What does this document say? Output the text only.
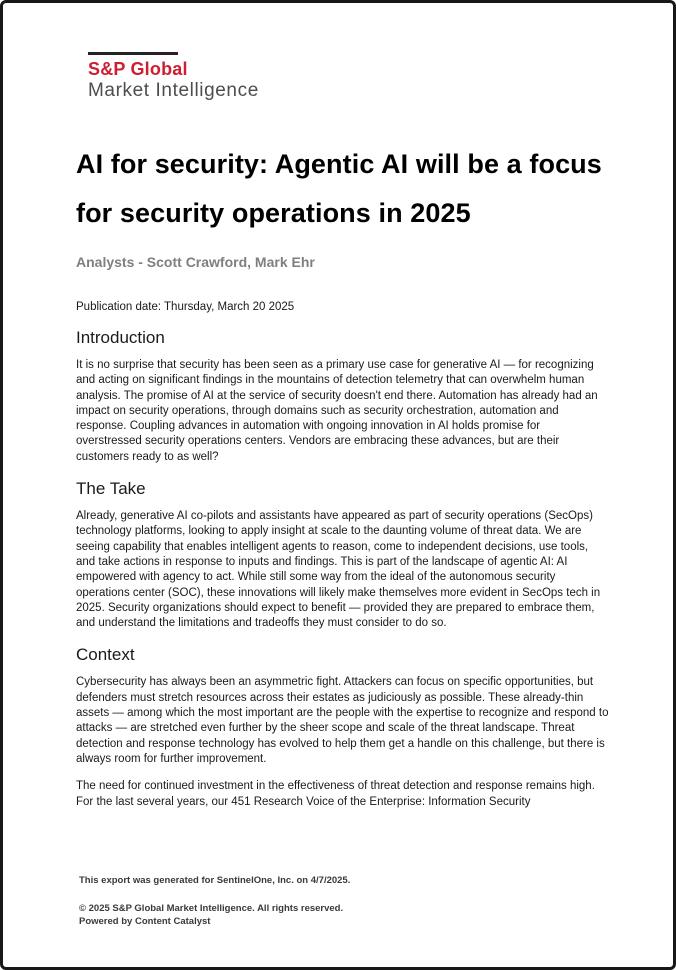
S&P Global
Market Intelligence
AI for security: Agentic AI will be a focus for security operations in 2025

Analysts - Scott Crawford, Mark Ehr

Publication date: Thursday, March 20 2025

Introduction

It is no surprise that security has been seen as a primary use case for generative AI — for recognizing and acting on significant findings in the mountains of detection telemetry that can overwhelm human analysis. The promise of AI at the service of security doesn't end there. Automation has already had an impact on security operations, through domains such as security orchestration, automation and response. Coupling advances in automation with ongoing innovation in AI holds promise for overstressed security operations centers. Vendors are embracing these advances, but are their customers ready to as well?

The Take

Already, generative AI co-pilots and assistants have appeared as part of security operations (SecOps) technology platforms, looking to apply insight at scale to the daunting volume of threat data. We are seeing capability that enables intelligent agents to reason, come to independent decisions, use tools, and take actions in response to inputs and findings. This is part of the landscape of agentic AI: AI empowered with agency to act. While still some way from the ideal of the autonomous security operations center (SOC), these innovations will likely make themselves more evident in SecOps tech in 2025. Security organizations should expect to benefit — provided they are prepared to embrace them, and understand the limitations and tradeoffs they must consider to do so.

Context

Cybersecurity has always been an asymmetric fight. Attackers can focus on specific opportunities, but defenders must stretch resources across their estates as judiciously as possible. These already-thin assets — among which the most important are the people with the expertise to recognize and respond to attacks — are stretched even further by the sheer scope and scale of the threat landscape. Threat detection and response technology has evolved to help them get a handle on this challenge, but there is always room for further improvement.

The need for continued investment in the effectiveness of threat detection and response remains high. For the last several years, our 451 Research Voice of the Enterprise: Information Security

This export was generated for SentinelOne, Inc. on 4/7/2025.

© 2025 S&P Global Market Intelligence. All rights reserved.

Powered by Content Catalyst
